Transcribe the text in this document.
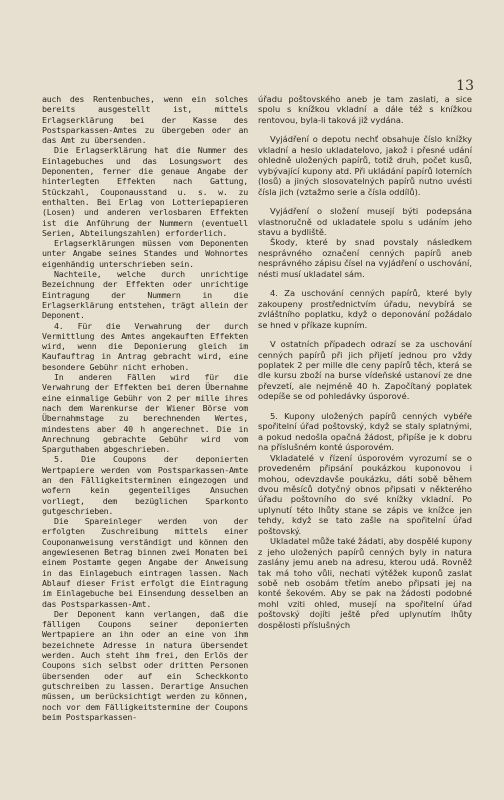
13

auch des Rentenbuches, wenn ein solches bereits ausgestellt ist, mittels Erlagserklärung bei der Kasse des Postsparkassen-Amtes zu übergeben oder an das Amt zu übersenden.

Die Erlagserklärung hat die Nummer des Einlagebuches und das Losungswort des Deponenten, ferner die genaue Angabe der hinterlegten Effekten nach Gattung, Stückzahl, Couponausstand u. s. w. zu enthalten. Bei Erlag von Lotteriepapieren (Losen) und anderen verlosbaren Effekten ist die Anführung der Nummern (eventuell Serien, Abteilungszahlen) erforderlich.

Erlagserklärungen müssen vom Deponenten unter Angabe seines Standes und Wohnortes eigenhändig unterschrieben sein.

Nachteile, welche durch unrichtige Bezeichnung der Effekten oder unrichtige Eintragung der Nummern in die Erlagserklärung entstehen, trägt allein der Deponent.

4. Für die Verwahrung der durch Vermittlung des Amtes angekauften Effekten wird, wenn die Deponierung gleich im Kaufauftrag in Antrag gebracht wird, eine besondere Gebühr nicht erhoben.

In anderen Fällen wird für die Verwahrung der Effekten bei deren Übernahme eine einmalige Gebühr von 2 per mille ihres nach dem Warenkurse der Wiener Börse vom Übernahmstage zu berechnenden Wertes, mindestens aber 40 h angerechnet. Die in Anrechnung gebrachte Gebühr wird vom Sparguthaben abgeschrieben.

5. Die Coupons der deponierten Wertpapiere werden vom Postsparkassen-Amte an den Fälligkeitsterminen eingezogen und wofern kein gegenteiliges Ansuchen vorliegt, dem bezüglichen Sparkonto gutgeschrieben.

Die Spareinleger werden von der erfolgten Zuschreibung mittels einer Couponanweisung verständigt und können den angewiesenen Betrag binnen zwei Monaten bei einem Postamte gegen Angabe der Anweisung in das Einlagebuch eintragen lassen. Nach Ablauf dieser Frist erfolgt die Eintragung im Einlagebuche bei Einsendung desselben an das Postsparkassen-Amt.

Der Deponent kann verlangen, daß die fälligen Coupons seiner deponierten Wertpapiere an ihn oder an eine von ihm bezeichnete Adresse in natura übersendet werden. Auch steht ihm frei, den Erlös der Coupons sich selbst oder dritten Personen übersenden oder auf ein Scheckkonto gutschreiben zu lassen. Derartige Ansuchen müssen, um berücksichtigt werden zu können, noch vor dem Fälligkeitstermine der Coupons beim Postsparkassen-

úřadu poštovského aneb je tam zaslati, a sice spolu s knížkou vkladní a dále též s knížkou rentovou, byla-li taková již vydána.

Vyjádření o depotu nechť obsahuje číslo knížky vkladní a heslo ukladatelovo, jakož i přesné udání ohledně uložených papírů, totiž druh, počet kusů, vybývající kupony atd. Při ukládání papírů loterních (losů) a jiných slosovatelných papírů nutno uvésti čísla jich (vztažmo serie a čísla oddílů).

Vyjádření o složení musejí býti podepsána vlastnoručně od ukladatele spolu s udáním jeho stavu a bydliště.

Škody, které by snad povstaly následkem nesprávného označení cenných papírů aneb nesprávného zápisu čísel na vyjádření o uschování, nésti musí ukladatel sám.

4. Za uschování cenných papírů, které byly zakoupeny prostřednictvím úřadu, nevybírá se zvláštního poplatku, když o deponování požádalo se hned v příkaze kupním.

V ostatních případech odrazí se za uschování cenných papírů při jich přijetí jednou pro vždy poplatek 2 per mille dle ceny papírů těch, která se dle kursu zboží na burse vídeňské ustanoví ze dne převzetí, ale nejméně 40 h. Započítaný poplatek odepíše se od pohledávky úsporové.

5. Kupony uložených papírů cenných vybéře spořitelní úřad poštovský, když se staly splatnými, a pokud nedošla opačná žádost, připíše je k dobru na příslušném konté úsporovém.

Vkladatelé v řízení úsporovém vyrozumí se o provedeném připsání poukázkou kuponovou i mohou, odevzdavše poukázku, dáti sobě během dvou měsíců dotyčný obnos připsati v některého úřadu poštovního do své knížky vkladní. Po uplynutí této lhůty stane se zápis ve knížce jen tehdy, když se tato zašle na spořitelní úřad poštovský.

Ukladatel může také žádati, aby dospělé kupony z jeho uložených papírů cenných byly in natura zaslány jemu aneb na adresu, kterou udá. Rovněž tak má toho vůli, nechati výtěžek kuponů zaslat sobě neb osobám třetím anebo připsati jej na konté šekovém. Aby se pak na žádosti podobné mohl vziti ohled, musejí na spořitelní úřad poštovský dojíti ještě před uplynutím lhůty dospělosti příslušných
